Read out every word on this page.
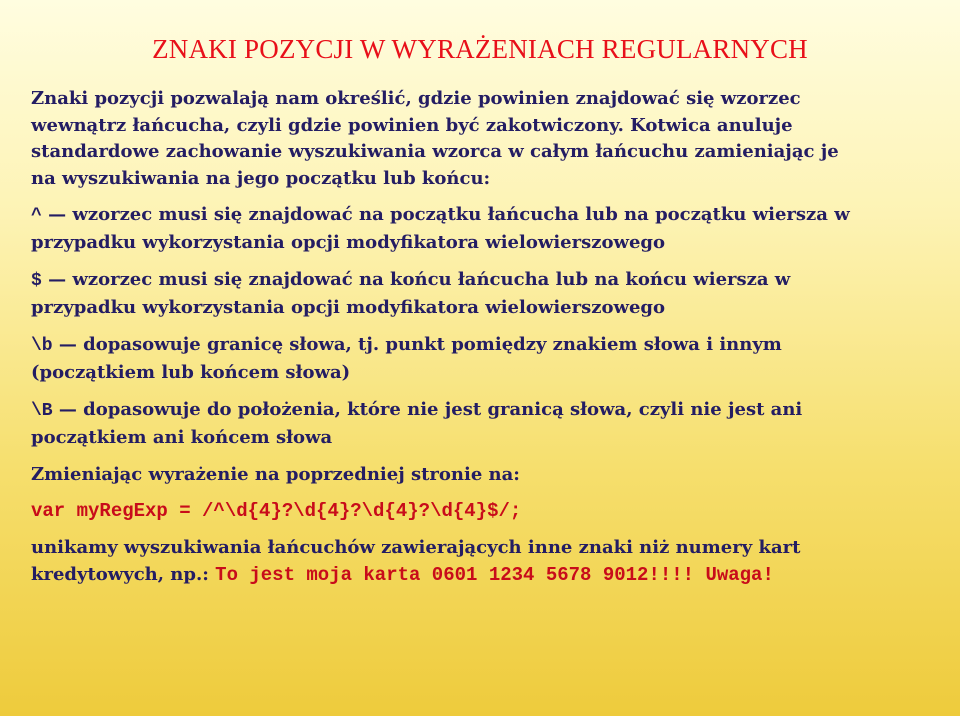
ZNAKI POZYCJI W WYRAŻENIACH REGULARNYCH

Znaki pozycji pozwalają nam określić, gdzie powinien znajdować się wzorzec
wewnątrz łańcucha, czyli gdzie powinien być zakotwiczony. Kotwica anuluje
standardowe zachowanie wyszukiwania wzorca w całym łańcuchu zamieniając je
na wyszukiwania na jego początku lub końcu:

^ — wzorzec musi się znajdować na początku łańcucha lub na początku wiersza w
przypadku wykorzystania opcji modyfikatora wielowierszowego

$ — wzorzec musi się znajdować na końcu łańcucha lub na końcu wiersza w
przypadku wykorzystania opcji modyfikatora wielowierszowego

\b — dopasowuje granicę słowa, tj. punkt pomiędzy znakiem słowa i innym
(początkiem lub końcem słowa)

\B — dopasowuje do położenia, które nie jest granicą słowa, czyli nie jest ani
początkiem ani końcem słowa

Zmieniając wyrażenie na poprzedniej stronie na:

var myRegExp = /^\d{4}?\d{4}?\d{4}?\d{4}$/;

unikamy wyszukiwania łańcuchów zawierających inne znaki niż numery kart
kredytowych, np.: To jest moja karta 0601 1234 5678 9012!!!! Uwaga!
